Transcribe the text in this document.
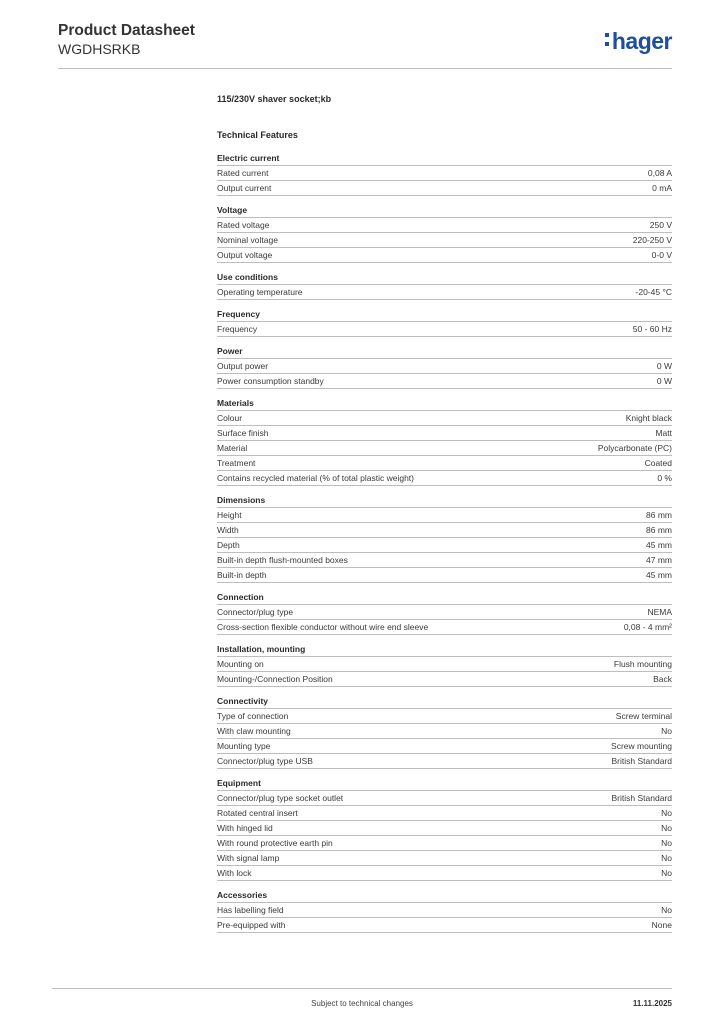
Product Datasheet
WGDHSRKB	hager
115/230V shaver socket;kb
Technical Features
Electric current
Rated current	0,08 A
Output current	0 mA
Voltage
Rated voltage	250 V
Nominal voltage	220-250 V
Output voltage	0-0 V
Use conditions
Operating temperature	-20-45 °C
Frequency
Frequency	50 - 60 Hz
Power
Output power	0 W
Power consumption standby	0 W
Materials
Colour	Knight black
Surface finish	Matt
Material	Polycarbonate (PC)
Treatment	Coated
Contains recycled material (% of total plastic weight)	0 %
Dimensions
Height	86 mm
Width	86 mm
Depth	45 mm
Built-in depth flush-mounted boxes	47 mm
Built-in depth	45 mm
Connection
Connector/plug type	NEMA
Cross-section flexible conductor without wire end sleeve	0,08 - 4 mm²
Installation, mounting
Mounting on	Flush mounting
Mounting-/Connection Position	Back
Connectivity
Type of connection	Screw terminal
With claw mounting	No
Mounting type	Screw mounting
Connector/plug type USB	British Standard
Equipment
Connector/plug type socket outlet	British Standard
Rotated central insert	No
With hinged lid	No
With round protective earth pin	No
With signal lamp	No
With lock	No
Accessories
Has labelling field	No
Pre-equipped with	None
Subject to technical changes	11.11.2025
